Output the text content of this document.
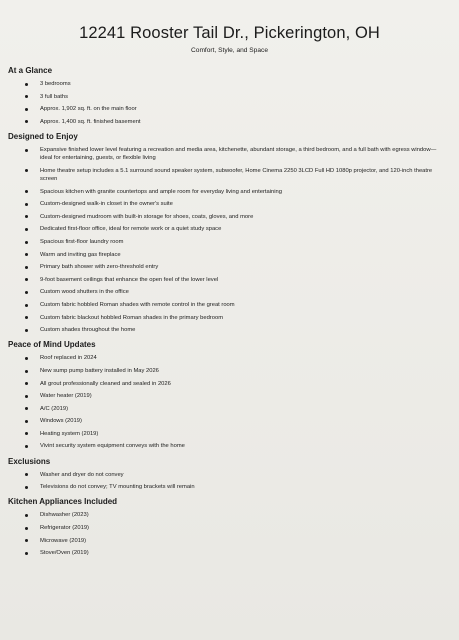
12241 Rooster Tail Dr., Pickerington, OH
Comfort, Style, and Space
At a Glance
3 bedrooms
3 full baths
Approx. 1,902 sq. ft. on the main floor
Approx. 1,400 sq. ft. finished basement
Designed to Enjoy
Expansive finished lower level featuring a recreation and media area, kitchenette, abundant storage, a third bedroom, and a full bath with egress window—ideal for entertaining, guests, or flexible living
Home theatre setup includes a 5.1 surround sound speaker system, subwoofer, Home Cinema 2250 3LCD Full HD 1080p projector, and 120-inch theatre screen
Spacious kitchen with granite countertops and ample room for everyday living and entertaining
Custom-designed walk-in closet in the owner's suite
Custom-designed mudroom with built-in storage for shoes, coats, gloves, and more
Dedicated first-floor office, ideal for remote work or a quiet study space
Spacious first-floor laundry room
Warm and inviting gas fireplace
Primary bath shower with zero-threshold entry
9-foot basement ceilings that enhance the open feel of the lower level
Custom wood shutters in the office
Custom fabric hobbled Roman shades with remote control in the great room
Custom fabric blackout hobbled Roman shades in the primary bedroom
Custom shades throughout the home
Peace of Mind Updates
Roof replaced in 2024
New sump pump battery installed in May 2026
All grout professionally cleaned and sealed in 2026
Water heater (2019)
A/C (2019)
Windows (2019)
Heating system (2019)
Vivint security system equipment conveys with the home
Exclusions
Washer and dryer do not convey
Televisions do not convey; TV mounting brackets will remain
Kitchen Appliances Included
Dishwasher (2023)
Refrigerator (2019)
Microwave (2019)
Stove/Oven (2019)
